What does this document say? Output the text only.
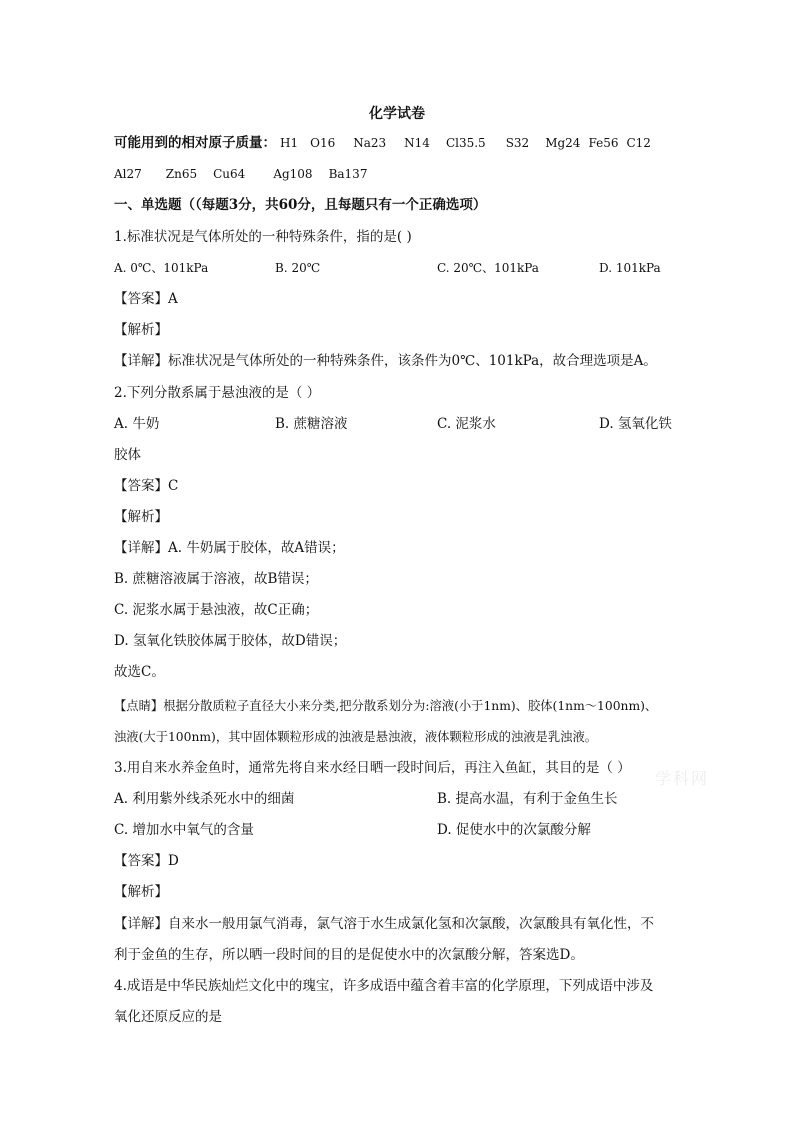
化学试卷
可能用到的相对原子质量： H1 O16 Na23 N14 Cl35.5 S32 Mg24 Fe56 C12
Al27 Zn65 Cu64 Ag108 Ba137
一、单选题（（每题3分，共60分，且每题只有一个正确选项）
1.标准状况是气体所处的一种特殊条件，指的是( )
A. 0℃、101kPa	B. 20℃	C. 20℃、101kPa	D. 101kPa
【答案】A
【解析】
【详解】标准状况是气体所处的一种特殊条件，该条件为0℃、101kPa，故合理选项是A。
2.下列分散系属于悬浊液的是（ ）
A. 牛奶	B. 蔗糖溶液	C. 泥浆水	D. 氢氧化铁
胶体
【答案】C
【解析】
【详解】A. 牛奶属于胶体，故A错误；
B. 蔗糖溶液属于溶液，故B错误；
C. 泥浆水属于悬浊液，故C正确；
D. 氢氧化铁胶体属于胶体，故D错误；
故选C。
【点睛】根据分散质粒子直径大小来分类,把分散系划分为:溶液(小于1nm)、胶体(1nm～100nm)、
浊液(大于100nm)，其中固体颗粒形成的浊液是悬浊液，液体颗粒形成的浊液是乳浊液。
3.用自来水养金鱼时，通常先将自来水经日晒一段时间后，再注入鱼缸，其目的是（ ）
A. 利用紫外线杀死水中的细菌	B. 提高水温，有利于金鱼生长
C. 增加水中氧气的含量	D. 促使水中的次氯酸分解
【答案】D
【解析】
【详解】自来水一般用氯气消毒，氯气溶于水生成氯化氢和次氯酸，次氯酸具有氧化性，不
利于金鱼的生存，所以晒一段时间的目的是促使水中的次氯酸分解，答案选D。
4.成语是中华民族灿烂文化中的瑰宝，许多成语中蕴含着丰富的化学原理，下列成语中涉及
氧化还原反应的是
学科网
